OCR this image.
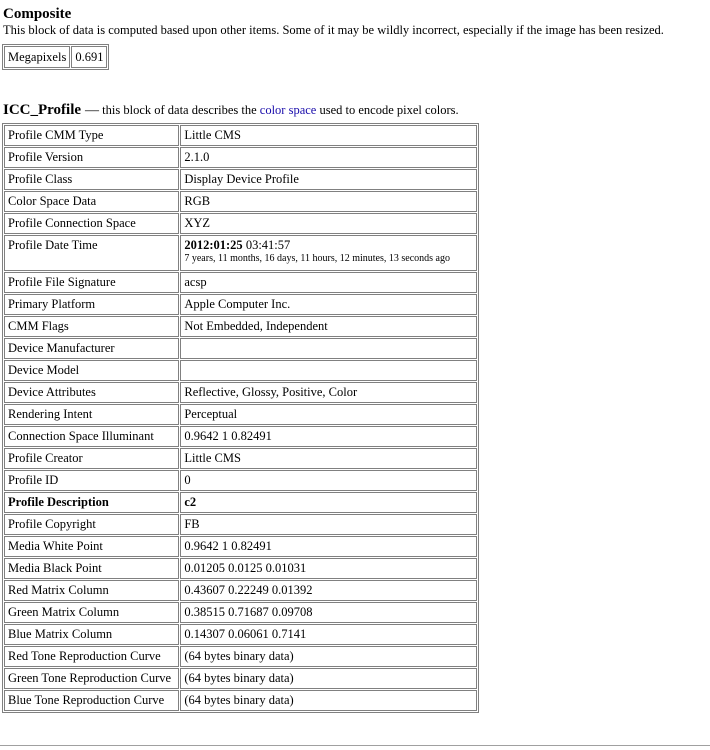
Composite
This block of data is computed based upon other items. Some of it may be wildly incorrect, especially if the image has been resized.
Megapixels	0.691
ICC_Profile — this block of data describes the color space used to encode pixel colors.
Profile CMM Type	Little CMS
Profile Version	2.1.0
Profile Class	Display Device Profile
Color Space Data	RGB
Profile Connection Space	XYZ
Profile Date Time	2012:01:25 03:41:57
7 years, 11 months, 16 days, 11 hours, 12 minutes, 13 seconds ago

Profile File Signature	acsp
Primary Platform	Apple Computer Inc.
CMM Flags	Not Embedded, Independent
Device Manufacturer	
Device Model	
Device Attributes	Reflective, Glossy, Positive, Color
Rendering Intent	Perceptual
Connection Space Illuminant	0.9642 1 0.82491
Profile Creator	Little CMS
Profile ID	0
Profile Description	c2
Profile Copyright	FB
Media White Point	0.9642 1 0.82491
Media Black Point	0.01205 0.0125 0.01031
Red Matrix Column	0.43607 0.22249 0.01392
Green Matrix Column	0.38515 0.71687 0.09708
Blue Matrix Column	0.14307 0.06061 0.7141
Red Tone Reproduction Curve	(64 bytes binary data)
Green Tone Reproduction Curve	(64 bytes binary data)
Blue Tone Reproduction Curve	(64 bytes binary data)
